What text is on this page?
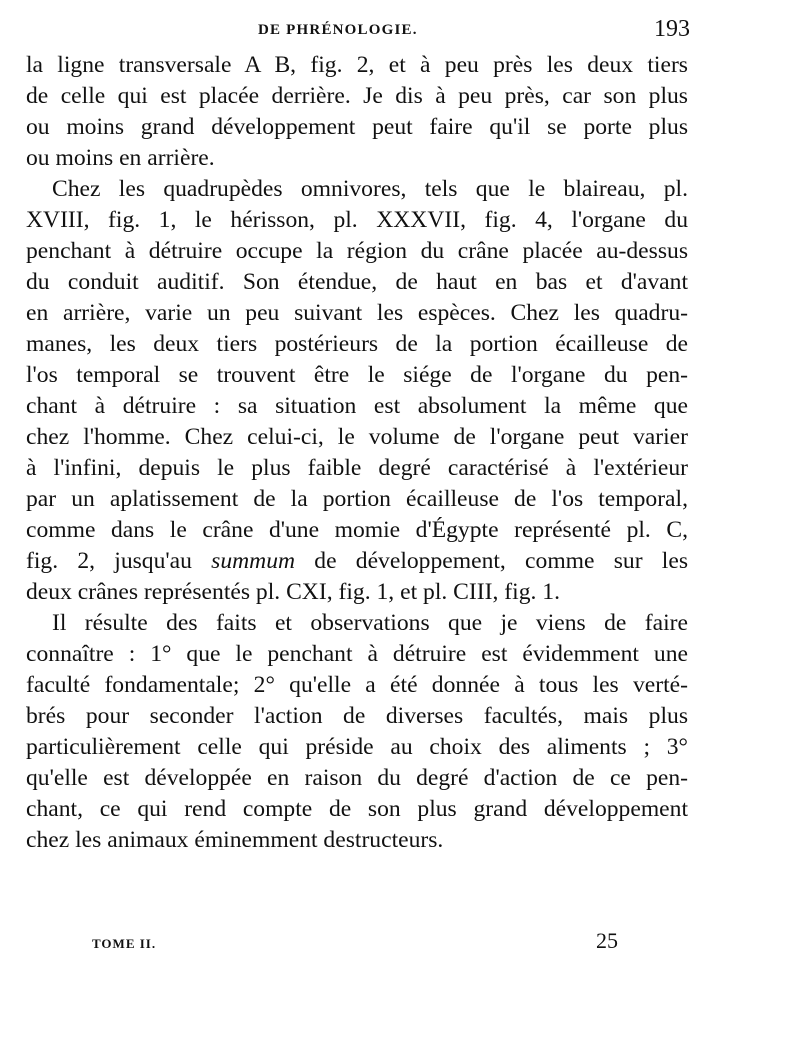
DE PHRÉNOLOGIE.	193
la ligne transversale A B, fig. 2, et à peu près les deux tiers
de celle qui est placée derrière. Je dis à peu près, car son plus
ou moins grand développement peut faire qu'il se porte plus
ou moins en arrière.
Chez les quadrupèdes omnivores, tels que le blaireau, pl.
XVIII, fig. 1, le hérisson, pl. XXXVII, fig. 4, l'organe du
penchant à détruire occupe la région du crâne placée au-dessus
du conduit auditif. Son étendue, de haut en bas et d'avant
en arrière, varie un peu suivant les espèces. Chez les quadru-
manes, les deux tiers postérieurs de la portion écailleuse de
l'os temporal se trouvent être le siége de l'organe du pen-
chant à détruire : sa situation est absolument la même que
chez l'homme. Chez celui-ci, le volume de l'organe peut varier
à l'infini, depuis le plus faible degré caractérisé à l'extérieur
par un aplatissement de la portion écailleuse de l'os temporal,
comme dans le crâne d'une momie d'Égypte représenté pl. C,
fig. 2, jusqu'au summum de développement, comme sur les
deux crânes représentés pl. CXI, fig. 1, et pl. CIII, fig. 1.
Il résulte des faits et observations que je viens de faire
connaître : 1° que le penchant à détruire est évidemment une
faculté fondamentale; 2° qu'elle a été donnée à tous les verté-
brés pour seconder l'action de diverses facultés, mais plus
particulièrement celle qui préside au choix des aliments ; 3°
qu'elle est développée en raison du degré d'action de ce pen-
chant, ce qui rend compte de son plus grand développement
chez les animaux éminemment destructeurs.
TOME II.	25
